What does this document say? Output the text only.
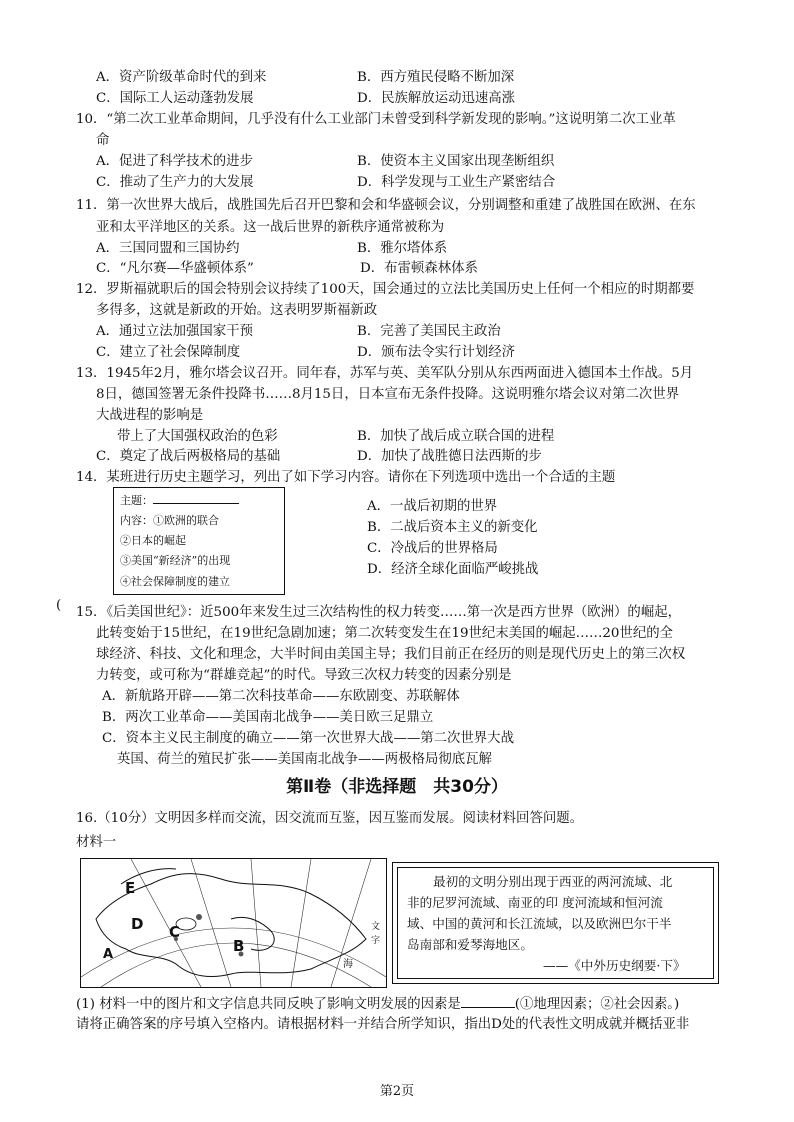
A．资产阶级革命时代的到来	B．西方殖民侵略不断加深
C．国际工人运动蓬勃发展	D．民族解放运动迅速高涨
10．“第二次工业革命期间，几乎没有什么工业部门未曾受到科学新发现的影响。”这说明第二次工业革
命
A．促进了科学技术的进步	B．使资本主义国家出现垄断组织
C．推动了生产力的大发展	D．科学发现与工业生产紧密结合
11．第一次世界大战后，战胜国先后召开巴黎和会和华盛顿会议，分别调整和重建了战胜国在欧洲、在东
亚和太平洋地区的关系。这一战后世界的新秩序通常被称为
A．三国同盟和三国协约	B．雅尔塔体系
C．“凡尔赛—华盛顿体系”	D．布雷顿森林体系
12．罗斯福就职后的国会特别会议持续了100天，国会通过的立法比美国历史上任何一个相应的时期都要
多得多，这就是新政的开始。这表明罗斯福新政
A．通过立法加强国家干预	B．完善了美国民主政治
C．建立了社会保障制度	D．颁布法令实行计划经济
13．1945年2月，雅尔塔会议召开。同年春，苏军与英、美军队分别从东西两面进入德国本土作战。5月
8日，德国签署无条件投降书……8月15日，日本宣布无条件投降。这说明雅尔塔会议对第二次世界
大战进程的影响是
带上了大国强权政治的色彩	B．加快了战后成立联合国的进程
C．奠定了战后两极格局的基础	D．加快了战胜德日法西斯的步
14．某班进行历史主题学习，列出了如下学习内容。请你在下列选项中选出一个合适的主题
主题：
内容：①欧洲的联合
②日本的崛起
③美国“新经济”的出现
④社会保障制度的建立
A．一战后初期的世界
B．二战后资本主义的新变化
C．冷战后的世界格局
D．经济全球化面临严峻挑战
( 15．《后美国世纪》：近500年来发生过三次结构性的权力转变……第一次是西方世界（欧洲）的崛起，
此转变始于15世纪，在19世纪急剧加速；第二次转变发生在19世纪末美国的崛起……20世纪的全
球经济、科技、文化和理念，大半时间由美国主导；我们目前正在经历的则是现代历史上的第三次权
力转变，或可称为“群雄竞起”的时代。导致三次权力转变的因素分别是
A．新航路开辟——第二次科技革命——东欧剧变、苏联解体
B．两次工业革命——美国南北战争——美日欧三足鼎立
C．资本主义民主制度的确立——第一次世界大战——第二次世界大战
英国、荷兰的殖民扩张——美国南北战争——两极格局彻底瓦解
第Ⅱ卷（非选择题　共30分）
16.（10分）文明因多样而交流，因交流而互鉴，因互鉴而发展。阅读材料回答问题。
材料一
E
D C
B
A
海
文
字
最初的文明分别出现于西亚的两河流域、北
非的尼罗河流域、南亚的印 度河流域和恒河流
域、中国的黄河和长江流域，以及欧洲巴尔干半
岛南部和爱琴海地区。
——《中外历史纲要·下》
(1) 材料一中的图片和文字信息共同反映了影响文明发展的因素是	(①地理因素；②社会因素。)
请将正确答案的序号填入空格内。请根据材料一并结合所学知识，指出D处的代表性文明成就并概括亚非
第2页
